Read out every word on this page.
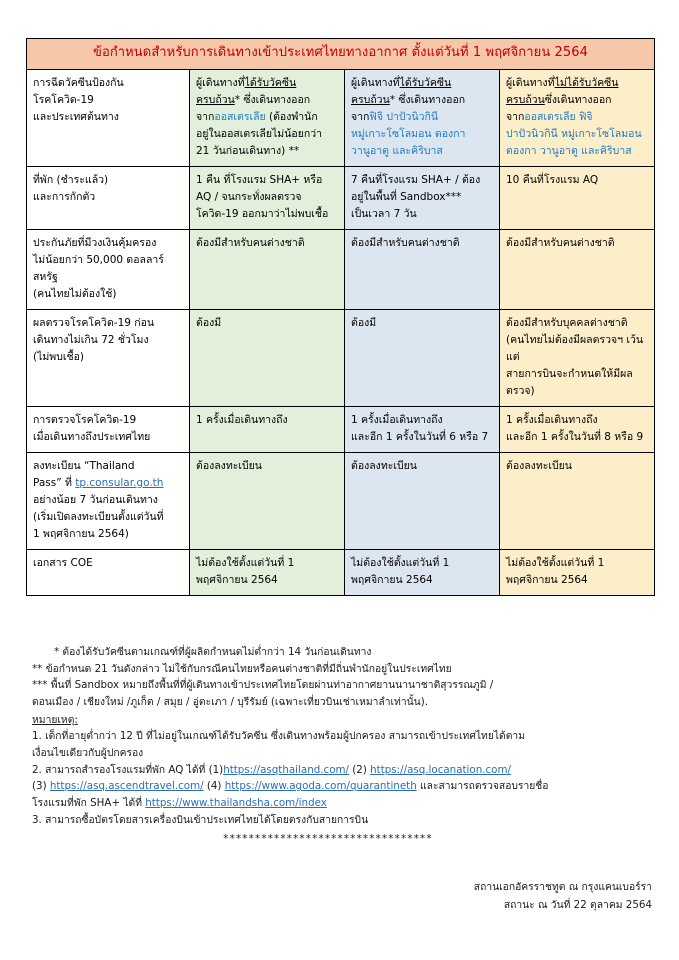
ข้อกำหนดสำหรับการเดินทางเข้าประเทศไทยทางอากาศ ตั้งแต่วันที่ 1 พฤศจิกายน 2564			

การฉีดวัคซีนป้องกัน
โรคโควิด-19
และประเทศต้นทาง	ผู้เดินทางที่ได้รับวัคซีน
ครบถ้วน* ซึ่งเดินทางออก
จากออสเตรเลีย (ต้องพำนัก
อยู่ในออสเตรเลียไม่น้อยกว่า
21 วันก่อนเดินทาง) **	ผู้เดินทางที่ได้รับวัคซีน
ครบถ้วน* ซึ่งเดินทางออก
จากฟิจิ ปาปัวนิวกินี
หมู่เกาะโซโลมอน ตองกา
วานูอาตู และคิริบาส	ผู้เดินทางที่ไม่ได้รับวัคซีน
ครบถ้วนซึ่งเดินทางออก
จากออสเตรเลีย ฟิจิ
ปาปัวนิวกินี หมู่เกาะโซโลมอน
ตองกา วานูอาตู และคิริบาส

ที่พัก (ชำระแล้ว)
และการกักตัว	1 คืน ที่โรงแรม SHA+ หรือ
AQ / จนกระทั่งผลตรวจ
โควิด-19 ออกมาว่าไม่พบเชื้อ	7 คืนที่โรงแรม SHA+ / ต้อง
อยู่ในพื้นที่ Sandbox***
เป็นเวลา 7 วัน	10 คืนที่โรงแรม AQ

ประกันภัยที่มีวงเงินคุ้มครอง
ไม่น้อยกว่า 50,000 ดอลลาร์สหรัฐ
(คนไทยไม่ต้องใช้)	ต้องมีสำหรับคนต่างชาติ	ต้องมีสำหรับคนต่างชาติ	ต้องมีสำหรับคนต่างชาติ

ผลตรวจโรคโควิด-19 ก่อน
เดินทางไม่เกิน 72 ชั่วโมง
(ไม่พบเชื้อ)	ต้องมี	ต้องมี	ต้องมีสำหรับบุคคลต่างชาติ
(คนไทยไม่ต้องมีผลตรวจฯ เว้นแต่
สายการบินจะกำหนดให้มีผลตรวจ)

การตรวจโรคโควิด-19
เมื่อเดินทางถึงประเทศไทย	1 ครั้งเมื่อเดินทางถึง	1 ครั้งเมื่อเดินทางถึง
และอีก 1 ครั้งในวันที่ 6 หรือ 7	1 ครั้งเมื่อเดินทางถึง
และอีก 1 ครั้งในวันที่ 8 หรือ 9

ลงทะเบียน “Thailand
Pass” ที่ tp.consular.go.th
อย่างน้อย 7 วันก่อนเดินทาง
(เริ่มเปิดลงทะเบียนตั้งแต่วันที่
1 พฤศจิกายน 2564)	ต้องลงทะเบียน	ต้องลงทะเบียน	ต้องลงทะเบียน

เอกสาร COE	ไม่ต้องใช้ตั้งแต่วันที่ 1
พฤศจิกายน 2564	ไม่ต้องใช้ตั้งแต่วันที่ 1
พฤศจิกายน 2564	ไม่ต้องใช้ตั้งแต่วันที่ 1
พฤศจิกายน 2564
* ต้องได้รับวัคซีนตามเกณฑ์ที่ผู้ผลิตกำหนดไม่ต่ำกว่า 14 วันก่อนเดินทาง
** ข้อกำหนด 21 วันดังกล่าว ไม่ใช้กับกรณีคนไทยหรือคนต่างชาติที่มีถิ่นพำนักอยู่ในประเทศไทย
*** พื้นที่ Sandbox หมายถึงพื้นที่ที่ผู้เดินทางเข้าประเทศไทยโดยผ่านท่าอากาศยานนานาชาติสุวรรณภูมิ /
ดอนเมือง / เชียงใหม่ /ภูเก็ต / สมุย / อู่ตะเภา / บุรีรัมย์ (เฉพาะเที่ยวบินเช่าเหมาลำเท่านั้น).
หมายเหตุ:
1. เด็กที่อายุต่ำกว่า 12 ปี ที่ไม่อยู่ในเกณฑ์ได้รับวัคซีน ซึ่งเดินทางพร้อมผู้ปกครอง สามารถเข้าประเทศไทยได้ตาม
เงื่อนไขเดียวกับผู้ปกครอง
2. สามารถสำรองโรงแรมที่พัก AQ ได้ที่ (1)https://asqthailand.com/ (2) https://asq.locanation.com/
(3) https://asq.ascendtravel.com/ (4) https://www.agoda.com/quarantineth และสามารถตรวจสอบรายชื่อ
โรงแรมที่พัก SHA+ ได้ที่ https://www.thailandsha.com/index
3. สามารถซื้อบัตรโดยสารเครื่องบินเข้าประเทศไทยได้โดยตรงกับสายการบิน
*********************************
สถานเอกอัครราชทูต ณ กรุงแคนเบอร์รา
สถานะ ณ วันที่ 22 ตุลาคม 2564
